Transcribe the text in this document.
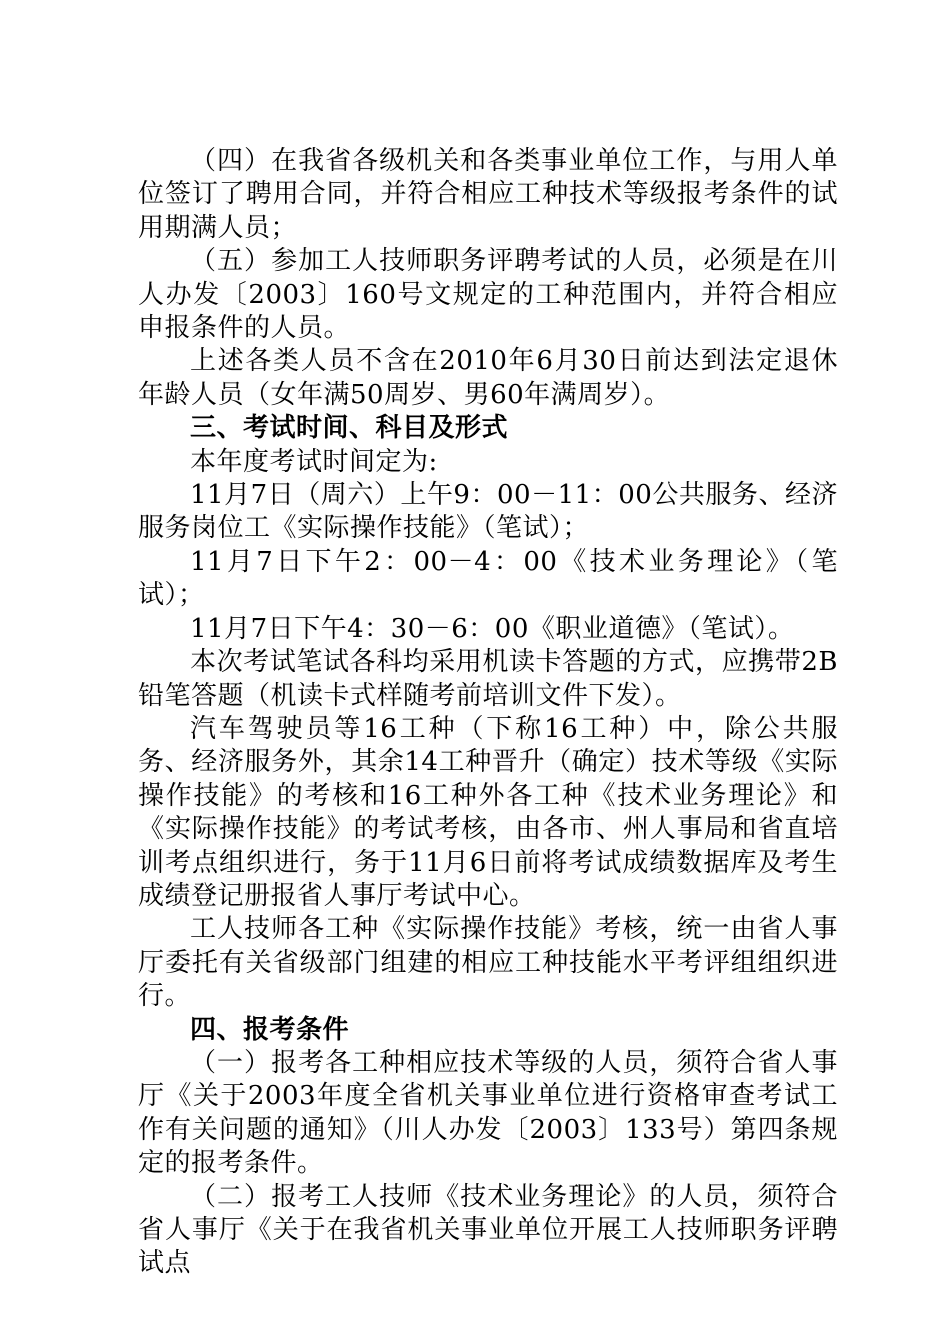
（四）在我省各级机关和各类事业单位工作，与用人单位签订了聘用合同，并符合相应工种技术等级报考条件的试用期满人员；

（五）参加工人技师职务评聘考试的人员，必须是在川人办发〔2003〕160号文规定的工种范围内，并符合相应申报条件的人员。

上述各类人员不含在2010年6月30日前达到法定退休年龄人员（女年满50周岁、男60年满周岁）。

三、考试时间、科目及形式

本年度考试时间定为:

11月7日（周六）上午9：00－11：00公共服务、经济服务岗位工《实际操作技能》（笔试）；

11月7日下午2：00－4：00《技术业务理论》（笔试）；

11月7日下午4：30－6：00《职业道德》（笔试）。

本次考试笔试各科均采用机读卡答题的方式，应携带2B铅笔答题（机读卡式样随考前培训文件下发）。

汽车驾驶员等16工种（下称16工种）中，除公共服务、经济服务外，其余14工种晋升（确定）技术等级《实际操作技能》的考核和16工种外各工种《技术业务理论》和《实际操作技能》的考试考核，由各市、州人事局和省直培训考点组织进行，务于11月6日前将考试成绩数据库及考生成绩登记册报省人事厅考试中心。

工人技师各工种《实际操作技能》考核，统一由省人事厅委托有关省级部门组建的相应工种技能水平考评组组织进行。

四、报考条件

（一）报考各工种相应技术等级的人员，须符合省人事厅《关于2003年度全省机关事业单位进行资格审查考试工作有关问题的通知》（川人办发〔2003〕133号）第四条规定的报考条件。

（二）报考工人技师《技术业务理论》的人员，须符合省人事厅《关于在我省机关事业单位开展工人技师职务评聘试点
